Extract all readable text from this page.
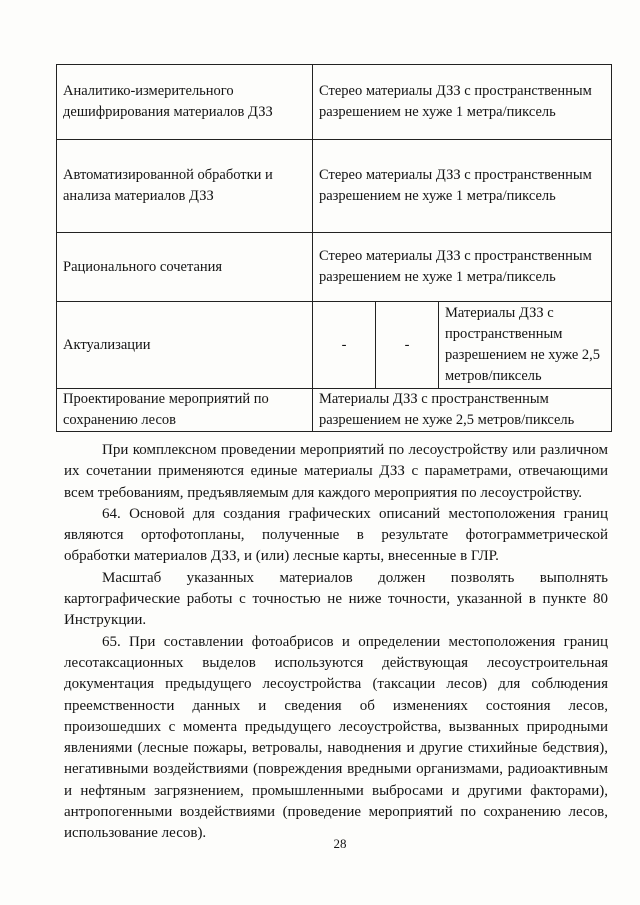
Аналитико-измерительного дешифрирования материалов ДЗЗ	Стерео материалы ДЗЗ с пространственным разрешением не хуже 1 метра/пиксель		
Автоматизированной обработки и анализа материалов ДЗЗ	Стерео материалы ДЗЗ с пространственным разрешением не хуже 1 метра/пиксель		
Рационального сочетания	Стерео материалы ДЗЗ с пространственным разрешением не хуже 1 метра/пиксель		
Актуализации	-	-	Материалы ДЗЗ с пространственным разрешением не хуже 2,5 метров/пиксель
Проектирование мероприятий по сохранению лесов	Материалы ДЗЗ с пространственным разрешением не хуже 2,5 метров/пиксель		

При комплексном проведении мероприятий по лесоустройству или различном их сочетании применяются единые материалы ДЗЗ с параметрами, отвечающими всем требованиям, предъявляемым для каждого мероприятия по лесоустройству.

64. Основой для создания графических описаний местоположения границ являются ортофотопланы, полученные в результате фотограмметрической обработки материалов ДЗЗ, и (или) лесные карты, внесенные в ГЛР.

Масштаб указанных материалов должен позволять выполнять картографические работы с точностью не ниже точности, указанной в пункте 80 Инструкции.

65. При составлении фотоабрисов и определении местоположения границ лесотаксационных выделов используются действующая лесоустроительная документация предыдущего лесоустройства (таксации лесов) для соблюдения преемственности данных и сведения об изменениях состояния лесов, произошедших с момента предыдущего лесоустройства, вызванных природными явлениями (лесные пожары, ветровалы, наводнения и другие стихийные бедствия), негативными воздействиями (повреждения вредными организмами, радиоактивным и нефтяным загрязнением, промышленными выбросами и другими факторами), антропогенными воздействиями (проведение мероприятий по сохранению лесов, использование лесов).

28
